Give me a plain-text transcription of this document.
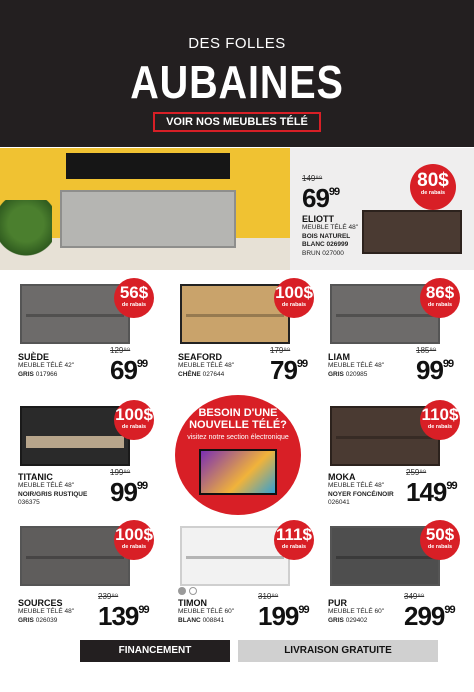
DES FOLLES
AUBAINES
VOIR NOS MEUBLES TÉLÉ
149⁹⁹
$69^{99}$
ELIOTT
MEUBLE TÉLÉ 48"
BOIS NATUREL
BLANC 026999
BRUN 027000
80$
de rabais
56$
de rabais
SUÈDE
MEUBLE TÉLÉ 42"
GRIS 017966
129⁹⁹
$69^{99}$
100$
de rabais
SEAFORD
MEUBLE TÉLÉ 48"
CHÊNE 027644
179⁹⁹
$79^{99}$
86$
de rabais
LIAM
MEUBLE TÉLÉ 48"
GRIS 020985
185⁹⁹
$99^{99}$
100$
de rabais
TITANIC
MEUBLE TÉLÉ 48"
NOIR/GRIS RUSTIQUE
036375
199⁹⁹
$99^{99}$
BESOIN D'UNE NOUVELLE TÉLÉ?
visitez notre section électronique
110$
de rabais
MOKA
MEUBLE TÉLÉ 48"
NOYER FONCÉ/NOIR
026041
259⁹⁹
$149^{99}$
100$
de rabais
SOURCES
MEUBLE TÉLÉ 48"
GRIS 026039
239⁹⁹
$139^{99}$
111$
de rabais
TIMON
MEUBLE TÉLÉ 60"
BLANC 008841
310⁹⁹
$199^{99}$
50$
de rabais
PUR
MEUBLE TÉLÉ 60"
GRIS 029402
349⁹⁹
$299^{99}$
FINANCEMENT	LIVRAISON GRATUITE
